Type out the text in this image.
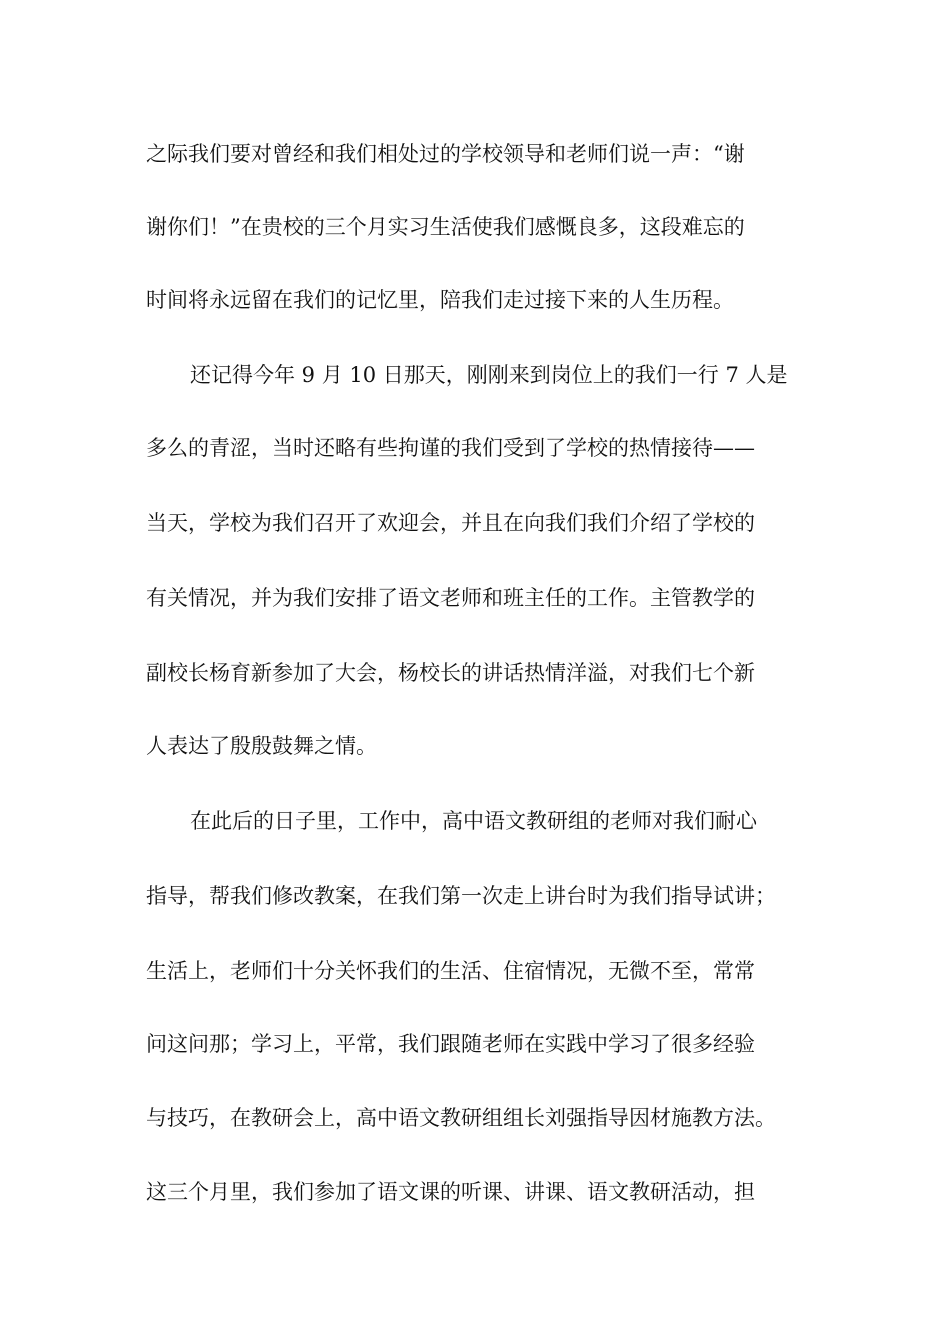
之际我们要对曾经和我们相处过的学校领导和老师们说一声：“谢
谢你们！”在贵校的三个月实习生活使我们感慨良多，这段难忘的
时间将永远留在我们的记忆里，陪我们走过接下来的人生历程。
还记得今年 9 月 10 日那天，刚刚来到岗位上的我们一行 7 人是
多么的青涩，当时还略有些拘谨的我们受到了学校的热情接待——
当天，学校为我们召开了欢迎会，并且在向我们我们介绍了学校的
有关情况，并为我们安排了语文老师和班主任的工作。主管教学的
副校长杨育新参加了大会，杨校长的讲话热情洋溢，对我们七个新
人表达了殷殷鼓舞之情。
在此后的日子里，工作中，高中语文教研组的老师对我们耐心
指导，帮我们修改教案，在我们第一次走上讲台时为我们指导试讲；
生活上，老师们十分关怀我们的生活、住宿情况，无微不至，常常
问这问那；学习上，平常，我们跟随老师在实践中学习了很多经验
与技巧，在教研会上，高中语文教研组组长刘强指导因材施教方法。
这三个月里，我们参加了语文课的听课、讲课、语文教研活动，担
